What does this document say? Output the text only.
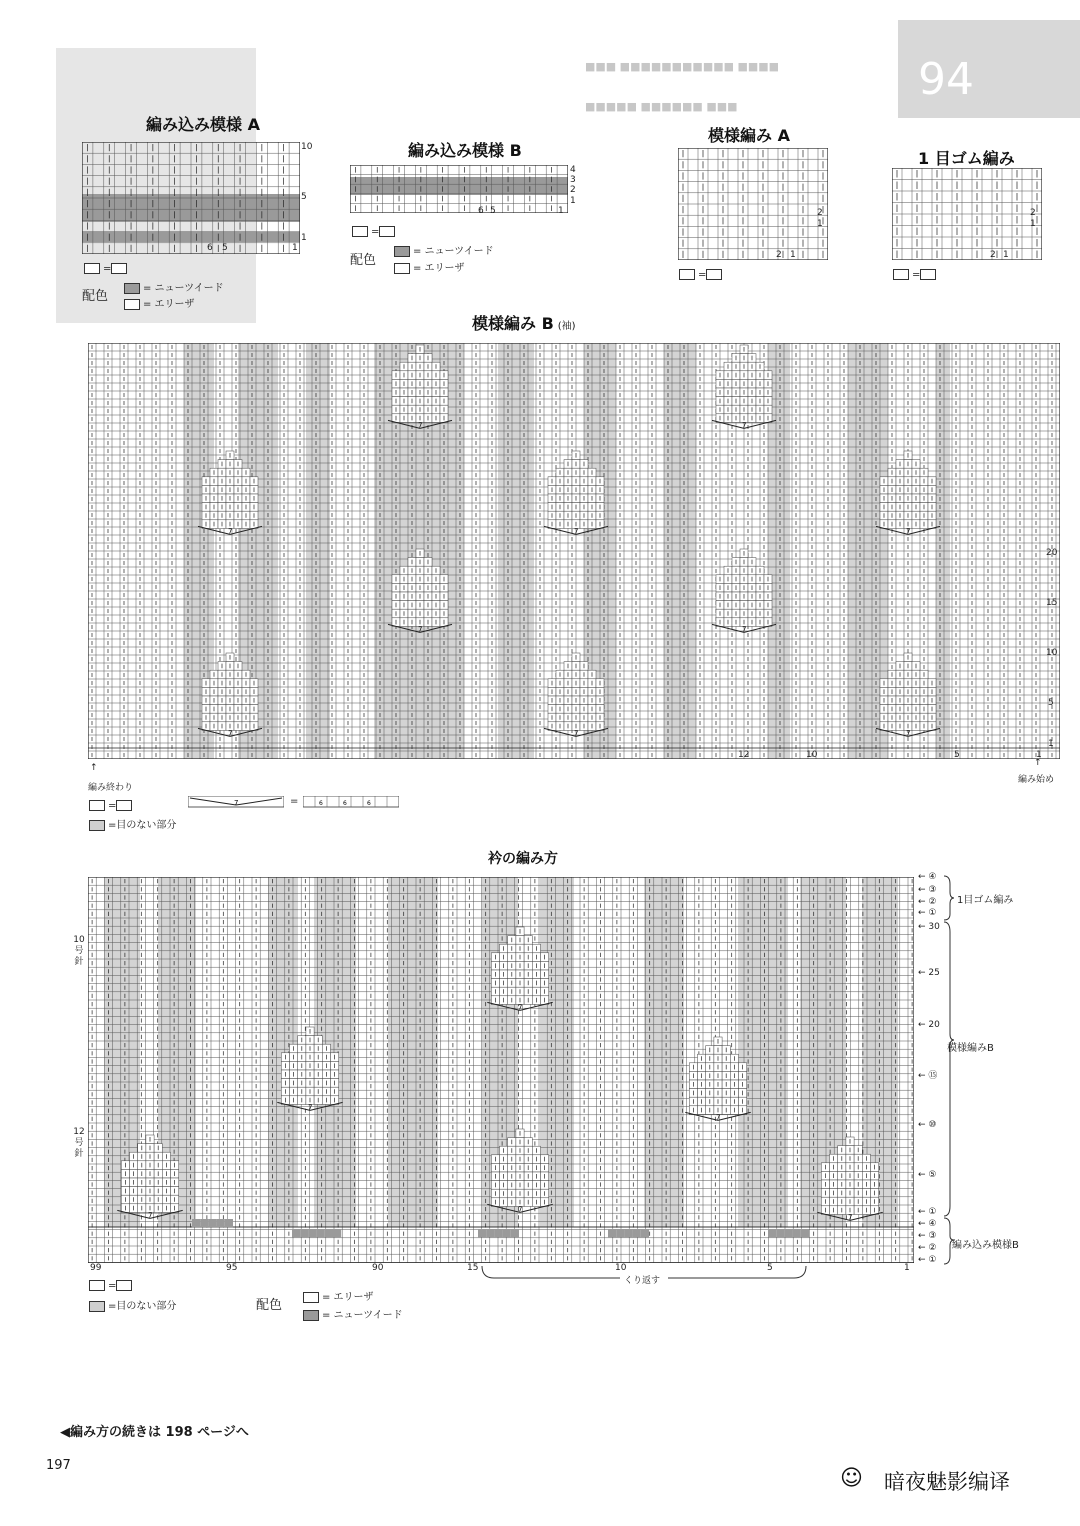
94
■■■ ■■■■■■■■■■■ ■■■■
■■■■■ ■■■■■■ ■■■
編み込み模様 A
編み込み模様 B
模様編み A
1 目ゴム編み
10
5
1
6 5	1
=
配色
= ニューツイード
= エリーザ
4
3
2
1
6 5	1
=
配色
= ニューツイード
= エリーザ
2
1
2 1
=
2
1
2 1
=
模様編み B (袖)
7
7
7
7
7
7
7
7
7
7
20
15
10
5
1
12	10	5	1
↑
編み終わり
↑
編み始め
=
=目のない部分
7	=	6	6	6
衿の編み方
7
7
7
7
7
7
10号針
12号針
99	95	90	15	10	5	1
くり返す
← ④
← ③
← ②
← ①
← 30
← 25
← 20
← ⑮
← ⑩
← ⑤
← ①
← ④
← ③
← ②
← ①
1目ゴム編み
模様編みB
編み込み模様B
=
=目のない部分	配色
= エリーザ
= ニューツイード
◀編み方の続きは 198 ページへ
197
☺ 暗夜魅影编译
